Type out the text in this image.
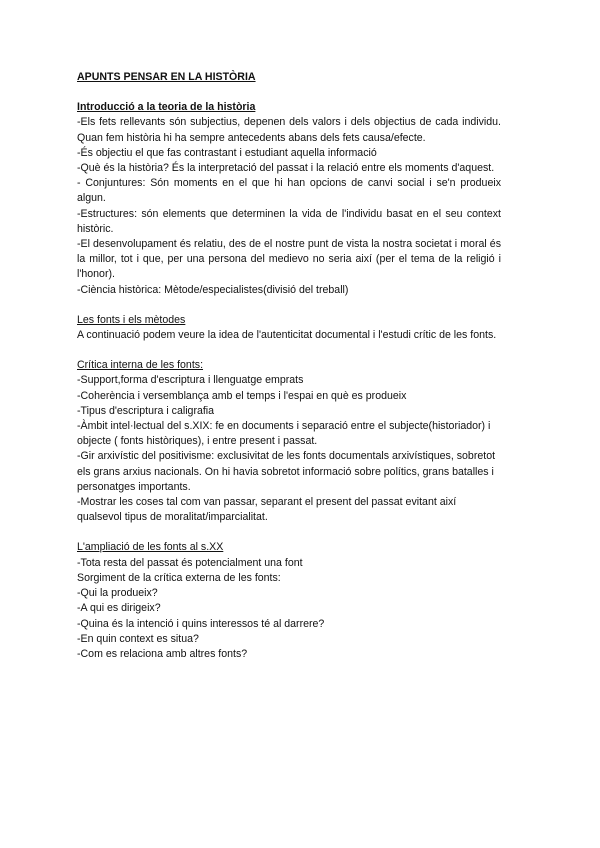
APUNTS PENSAR EN LA HISTÒRIA
Introducció a la teoria de la història
-Els fets rellevants són subjectius, depenen dels valors i dels objectius de cada individu. Quan fem història hi ha sempre antecedents abans dels fets causa/efecte.
-És objectiu el que fas contrastant i estudiant aquella informació
-Què és la història? És la interpretació del passat i la relació entre els moments d'aquest.
- Conjuntures: Són moments en el que hi han opcions de canvi social i se'n produeix algun.
-Estructures: són elements que determinen la vida de l'individu basat en el seu context històric.
-El desenvolupament és relatiu, des de el nostre punt de vista la nostra societat i moral és la millor, tot i que, per una persona del medievo no seria així (per el tema de la religió i l'honor).
-Ciència històrica: Mètode/especialistes(divisió del treball)
Les fonts i els mètodes
A continuació podem veure la idea de l'autenticitat documental i l'estudi crític de les fonts.
Crítica interna de les fonts:
-Support,forma d'escriptura i llenguatge emprats
-Coherència i versemblança amb el temps i l'espai en què es produeix
-Tipus d'escriptura i caligrafia
-Àmbit intel·lectual del s.XIX: fe en documents i separació entre el subjecte(historiador) i objecte ( fonts històriques), i entre present i passat.
-Gir arxivístic del positivisme: exclusivitat de les fonts documentals arxivístiques, sobretot els grans arxius nacionals. On hi havia sobretot informació sobre polítics, grans batalles i personatges importants.
-Mostrar les coses tal com van passar, separant el present del passat evitant així qualsevol tipus de moralitat/imparcialitat.
L'ampliació de les fonts al s.XX
-Tota resta del passat és potencialment una font
Sorgiment de la crítica externa de les fonts:
-Qui la produeix?
-A qui es dirigeix?
-Quina és la intenció i quins interessos té al darrere?
-En quin context es situa?
-Com es relaciona amb altres fonts?
